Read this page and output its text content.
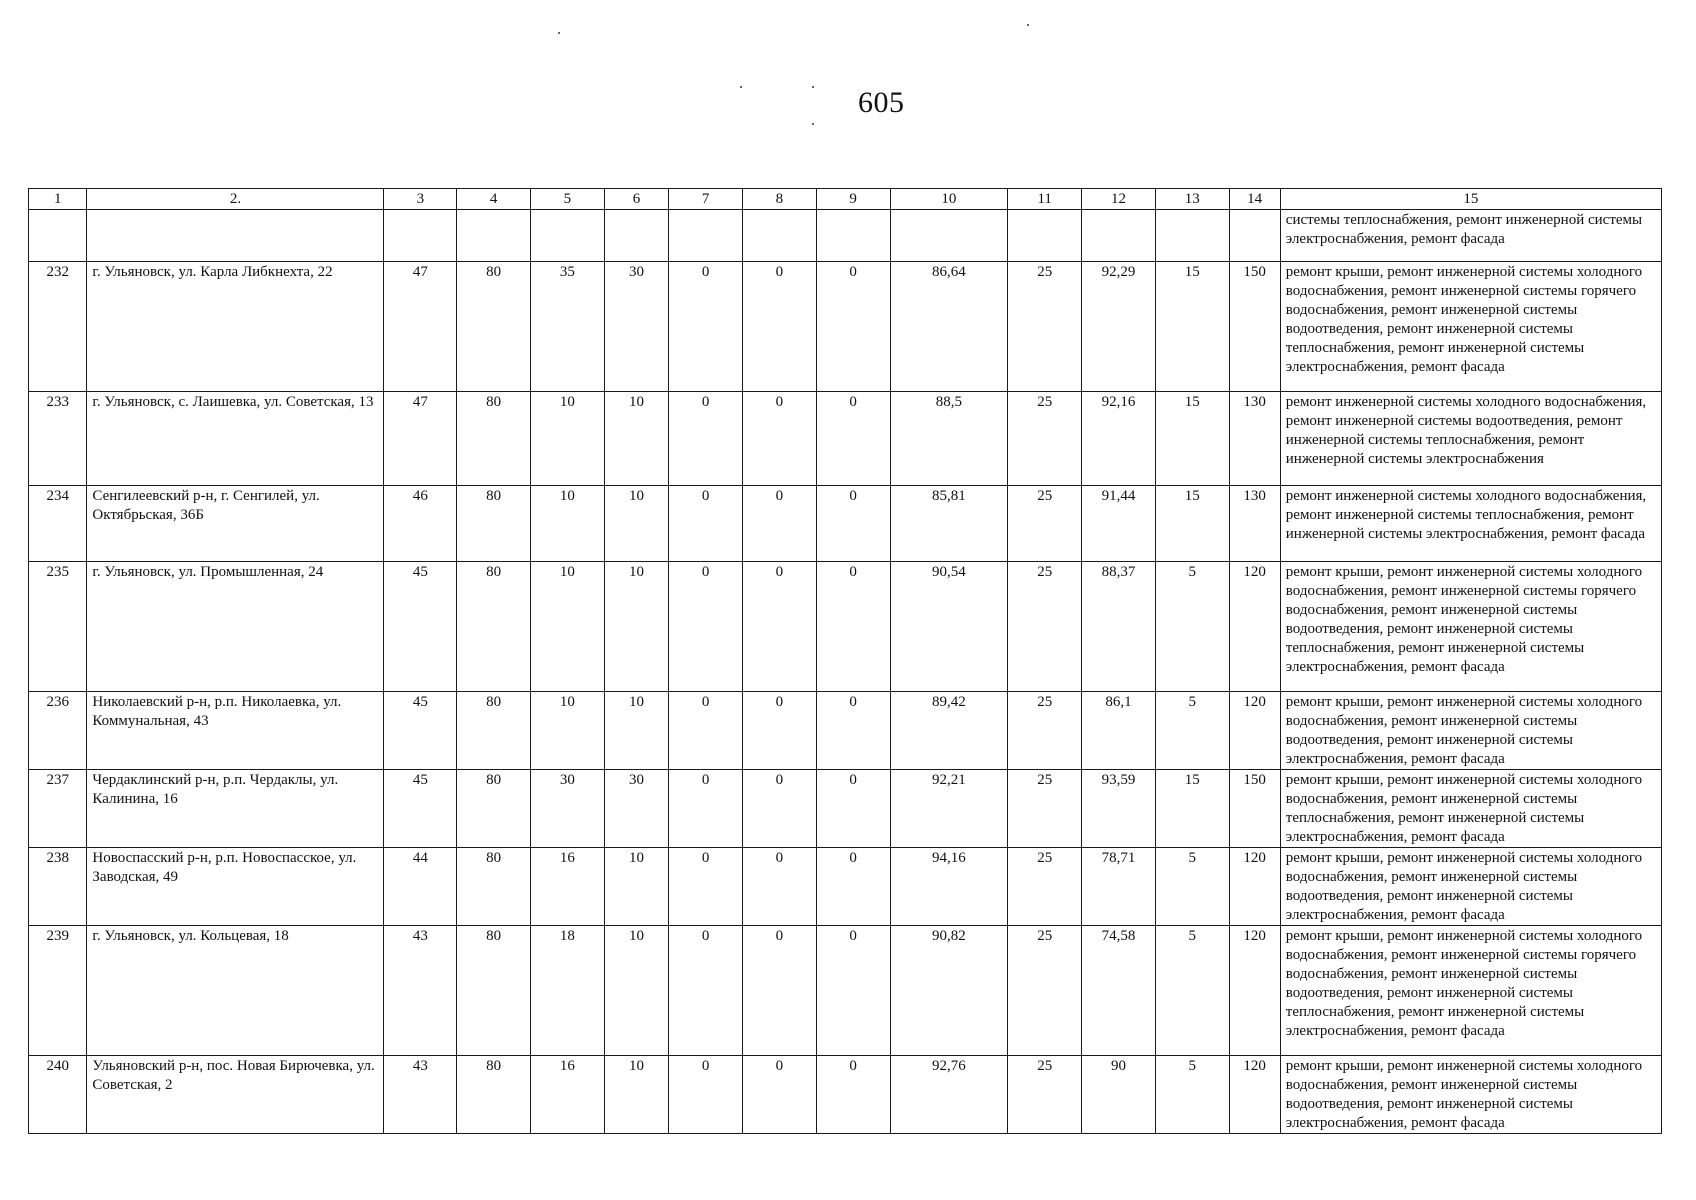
605
1	2.	3	4	5	6	7	8	9	10	11	12	13	14	15
														системы теплоснабжения, ремонт инженерной системы электроснабжения, ремонт фасада
232	г. Ульяновск, ул. Карла Либкнехта, 22	47	80	35	30	0	0	0	86,64	25	92,29	15	150	ремонт крыши, ремонт инженерной системы холодного водоснабжения, ремонт инженерной системы горячего водоснабжения, ремонт инженерной системы водоотведения, ремонт инженерной системы теплоснабжения, ремонт инженерной системы электроснабжения, ремонт фасада
233	г. Ульяновск, с. Лаишевка, ул. Советская, 13	47	80	10	10	0	0	0	88,5	25	92,16	15	130	ремонт инженерной системы холодного водоснабжения, ремонт инженерной системы водоотведения, ремонт инженерной системы теплоснабжения, ремонт инженерной системы электроснабжения
234	Сенгилеевский р-н, г. Сенгилей, ул. Октябрьская, 36Б	46	80	10	10	0	0	0	85,81	25	91,44	15	130	ремонт инженерной системы холодного водоснабжения, ремонт инженерной системы теплоснабжения, ремонт инженерной системы электроснабжения, ремонт фасада
235	г. Ульяновск, ул. Промышленная, 24	45	80	10	10	0	0	0	90,54	25	88,37	5	120	ремонт крыши, ремонт инженерной системы холодного водоснабжения, ремонт инженерной системы горячего водоснабжения, ремонт инженерной системы водоотведения, ремонт инженерной системы теплоснабжения, ремонт инженерной системы электроснабжения, ремонт фасада
236	Николаевский р-н, р.п. Николаевка, ул. Коммунальная, 43	45	80	10	10	0	0	0	89,42	25	86,1	5	120	ремонт крыши, ремонт инженерной системы холодного водоснабжения, ремонт инженерной системы водоотведения, ремонт инженерной системы электроснабжения, ремонт фасада
237	Чердаклинский р-н, р.п. Чердаклы, ул. Калинина, 16	45	80	30	30	0	0	0	92,21	25	93,59	15	150	ремонт крыши, ремонт инженерной системы холодного водоснабжения, ремонт инженерной системы теплоснабжения, ремонт инженерной системы электроснабжения, ремонт фасада
238	Новоспасский р-н, р.п. Новоспасское, ул. Заводская, 49	44	80	16	10	0	0	0	94,16	25	78,71	5	120	ремонт крыши, ремонт инженерной системы холодного водоснабжения, ремонт инженерной системы водоотведения, ремонт инженерной системы электроснабжения, ремонт фасада
239	г. Ульяновск, ул. Кольцевая, 18	43	80	18	10	0	0	0	90,82	25	74,58	5	120	ремонт крыши, ремонт инженерной системы холодного водоснабжения, ремонт инженерной системы горячего водоснабжения, ремонт инженерной системы водоотведения, ремонт инженерной системы теплоснабжения, ремонт инженерной системы электроснабжения, ремонт фасада
240	Ульяновский р-н, пос. Новая Бирючевка, ул. Советская, 2	43	80	16	10	0	0	0	92,76	25	90	5	120	ремонт крыши, ремонт инженерной системы холодного водоснабжения, ремонт инженерной системы водоотведения, ремонт инженерной системы электроснабжения, ремонт фасада
